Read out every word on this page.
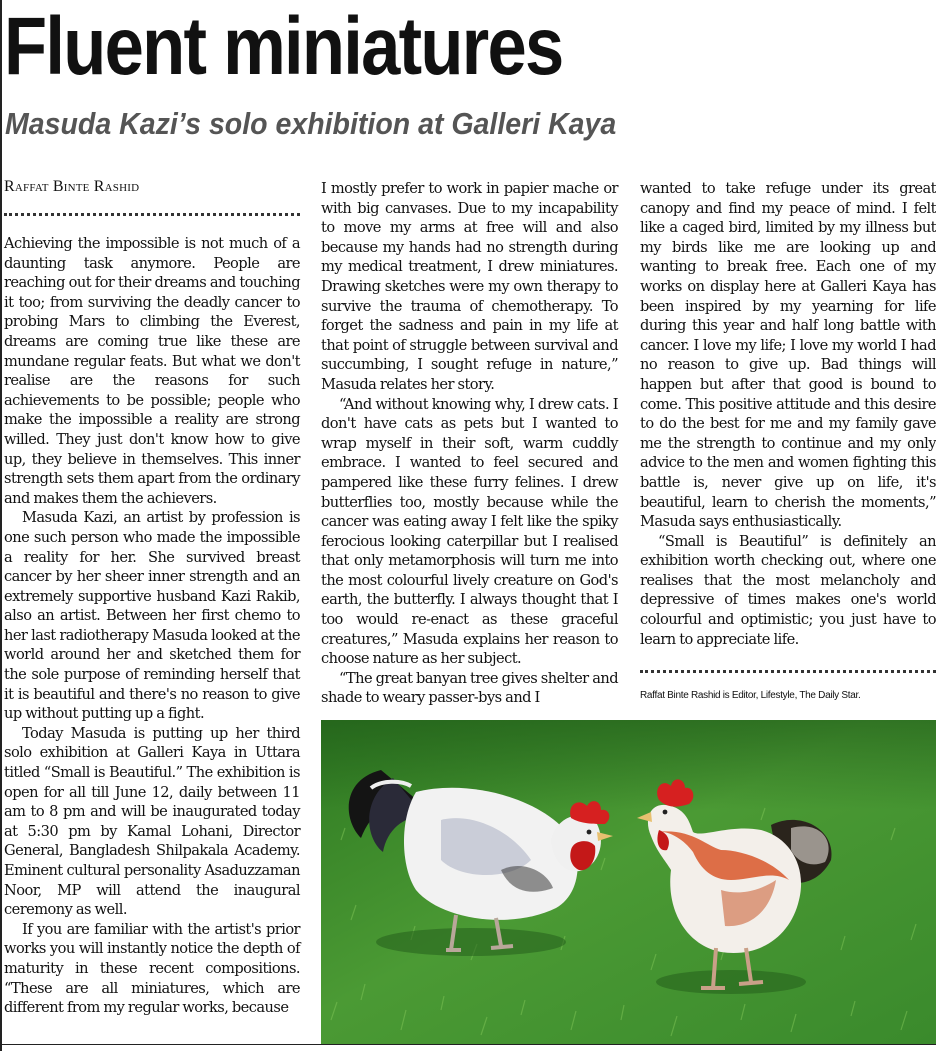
Fluent miniatures
Masuda Kazi’s solo exhibition at Galleri Kaya
Raffat Binte Rashid

Achieving the impossible is not much of a daunting task anymore. People are reaching out for their dreams and touching it too; from surviving the deadly cancer to probing Mars to climbing the Everest, dreams are coming true like these are mundane regular feats. But what we don't realise are the reasons for such achievements to be possible; people who make the impossible a reality are strong willed. They just don't know how to give up, they believe in themselves. This inner strength sets them apart from the ordinary and makes them the achievers.

Masuda Kazi, an artist by profession is one such person who made the impossible a reality for her. She survived breast cancer by her sheer inner strength and an extremely supportive husband Kazi Rakib, also an artist. Between her first chemo to her last radiotherapy Masuda looked at the world around her and sketched them for the sole purpose of reminding herself that it is beautiful and there's no reason to give up without putting up a fight.

Today Masuda is putting up her third solo exhibition at Galleri Kaya in Uttara titled “Small is Beautiful.” The exhibition is open for all till June 12, daily between 11 am to 8 pm and will be inaugurated today at 5:30 pm by Kamal Lohani, Director General, Bangladesh Shilpakala Academy. Eminent cultural personality Asaduzzaman Noor, MP will attend the inaugural ceremony as well.

If you are familiar with the artist's prior works you will instantly notice the depth of maturity in these recent compositions. “These are all miniatures, which are different from my regular works, because

I mostly prefer to work in papier mache or with big canvases. Due to my incapability to move my arms at free will and also because my hands had no strength during my medical treatment, I drew miniatures. Drawing sketches were my own therapy to survive the trauma of chemotherapy. To forget the sadness and pain in my life at that point of struggle between survival and succumbing, I sought refuge in nature,” Masuda relates her story.

“And without knowing why, I drew cats. I don't have cats as pets but I wanted to wrap myself in their soft, warm cuddly embrace. I wanted to feel secured and pampered like these furry felines. I drew butterflies too, mostly because while the cancer was eating away I felt like the spiky ferocious looking caterpillar but I realised that only metamorphosis will turn me into the most colourful lively creature on God's earth, the butterfly. I always thought that I too would re-enact as these graceful creatures,” Masuda explains her reason to choose nature as her subject.

“The great banyan tree gives shelter and shade to weary passer-bys and I

wanted to take refuge under its great canopy and find my peace of mind. I felt like a caged bird, limited by my illness but my birds like me are looking up and wanting to break free. Each one of my works on display here at Galleri Kaya has been inspired by my yearning for life during this year and half long battle with cancer. I love my life; I love my world I had no reason to give up. Bad things will happen but after that good is bound to come. This positive attitude and this desire to do the best for me and my family gave me the strength to continue and my only advice to the men and women fighting this battle is, never give up on life, it's beautiful, learn to cherish the moments,” Masuda says enthusiastically.

“Small is Beautiful” is definitely an exhibition worth checking out, where one realises that the most melancholy and depressive of times makes one's world colourful and optimistic; you just have to learn to appreciate life.

Raffat Binte Rashid is Editor, Lifestyle, The Daily Star.
